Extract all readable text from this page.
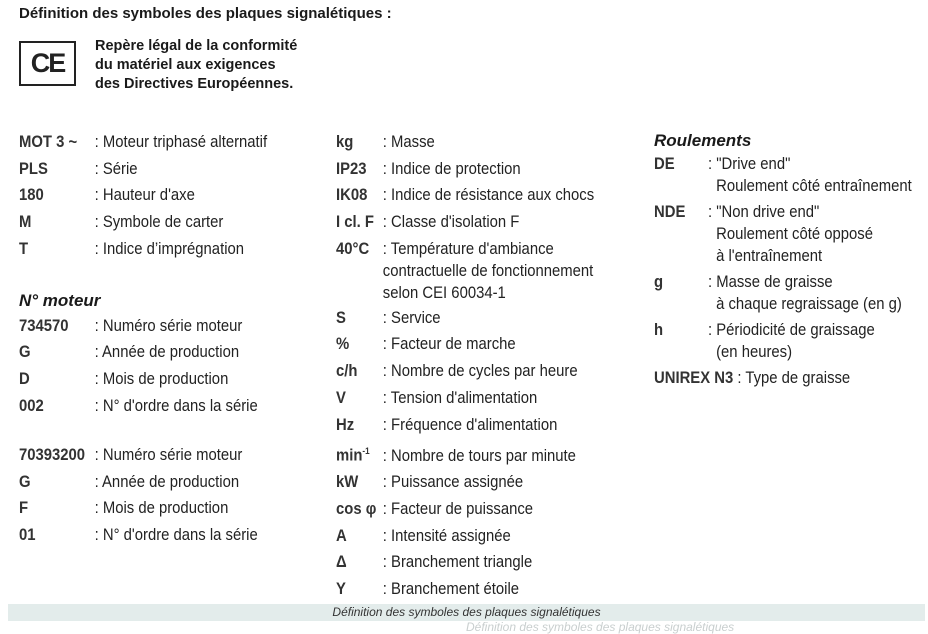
Définition des symboles des plaques signalétiques :
CE
Repère légal de la conformité
du matériel aux exigences
des Directives Européennes.
MOT 3 ~	: Moteur triphasé alternatif
PLS	: Série
180	: Hauteur d'axe
M	: Symbole de carter
T	: Indice d’imprégnation
N° moteur
734570	: Numéro série moteur
G	: Année de production
D	: Mois de production
002	: N° d'ordre dans la série
70393200 : Numéro série moteur
G	: Année de production
F	: Mois de production
01	: N° d'ordre dans la série
kg	: Masse
IP23 : Indice de protection
IK08 : Indice de résistance aux chocs
I cl. F : Classe d'isolation F
40°C : Température d'ambiance
contractuelle de fonctionnement
selon CEI 60034-1
S	: Service
%	: Facteur de marche
c/h	: Nombre de cycles par heure
V	: Tension d'alimentation
Hz	: Fréquence d'alimentation
$\min^{-1}$ : Nombre de tours par minute
kW	: Puissance assignée
cos φ : Facteur de puissance
A	: Intensité assignée
Δ	: Branchement triangle
Y	: Branchement étoile
Roulements
DE	: "Drive end"
Roulement côté entraînement
NDE	: "Non drive end"
Roulement côté opposé
à l'entraînement
g	: Masse de graisse
à chaque regraissage (en g)
h	: Périodicité de graissage
(en heures)
UNIREX N3 : Type de graisse
Définition des symboles des plaques signalétiques
Définition des symboles des plaques signalétiques
